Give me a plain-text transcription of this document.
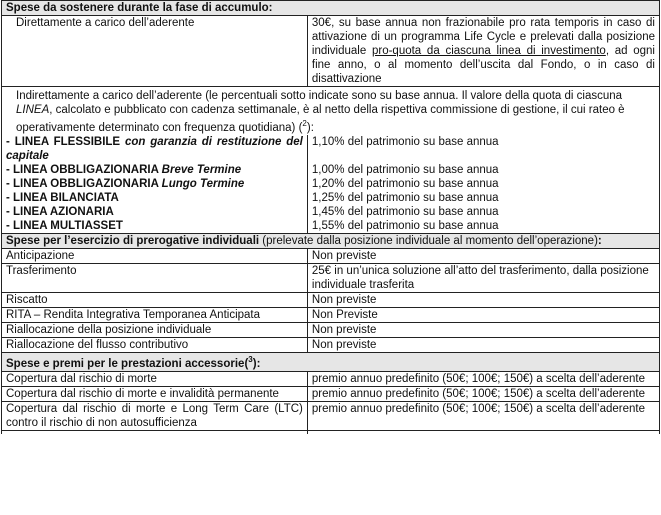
Spese da sostenere durante la fase di accumulo:	
Direttamente a carico dell’aderente	30€, su base annua non frazionabile pro rata temporis in caso di attivazione di un programma Life Cycle e prelevati dalla posizione individuale pro-quota da ciascuna linea di investimento, ad ogni fine anno, o al momento dell’uscita dal Fondo, o in caso di disattivazione
Indirettamente a carico dell’aderente (le percentuali sotto indicate sono su base annua. Il valore della quota di ciascuna LINEA, calcolato e pubblicato con cadenza settimanale, è al netto della rispettiva commissione di gestione, il cui rateo è operativamente determinato con frequenza quotidiana) ($^2$):	
- LINEA FLESSIBILE con garanzia di restituzione del capitale	1,10% del patrimonio su base annua
- LINEA OBBLIGAZIONARIA Breve Termine	1,00% del patrimonio su base annua
- LINEA OBBLIGAZIONARIA Lungo Termine	1,20% del patrimonio su base annua
- LINEA BILANCIATA	1,25% del patrimonio su base annua
- LINEA AZIONARIA	1,45% del patrimonio su base annua
- LINEA MULTIASSET	1,55% del patrimonio su base annua
Spese per l’esercizio di prerogative individuali (prelevate dalla posizione individuale al momento dell’operazione):	
Anticipazione	Non previste
Trasferimento	25€ in un’unica soluzione all’atto del trasferimento, dalla posizione individuale trasferita
Riscatto	Non previste
RITA – Rendita Integrativa Temporanea Anticipata	Non Previste
Riallocazione della posizione individuale	Non previste
Riallocazione del flusso contributivo	Non previste
Spese e premi per le prestazioni accessorie($^3$):	
Copertura dal rischio di morte	premio annuo predefinito (50€; 100€; 150€) a scelta dell’aderente
Copertura dal rischio di morte e invalidità permanente	premio annuo predefinito (50€; 100€; 150€) a scelta dell’aderente
Copertura dal rischio di morte e Long Term Care (LTC) contro il rischio di non autosufficienza	premio annuo predefinito (50€; 100€; 150€) a scelta dell’aderente
